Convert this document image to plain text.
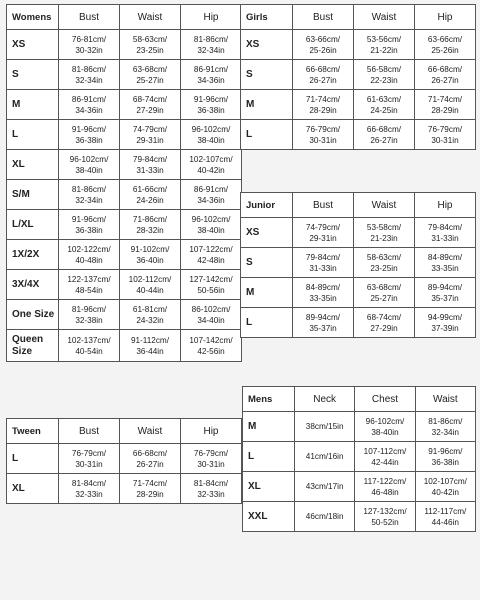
Womens	Bust	Waist	Hip
XS	76-81cm/
30-32in	58-63cm/
23-25in	81-86cm/
32-34in
S	81-86cm/
32-34in	63-68cm/
25-27in	86-91cm/
34-36in
M	86-91cm/
34-36in	68-74cm/
27-29in	91-96cm/
36-38in
L	91-96cm/
36-38in	74-79cm/
29-31in	96-102cm/
38-40in
XL	96-102cm/
38-40in	79-84cm/
31-33in	102-107cm/
40-42in
S/M	81-86cm/
32-34in	61-66cm/
24-26in	86-91cm/
34-36in
L/XL	91-96cm/
36-38in	71-86cm/
28-32in	96-102cm/
38-40in
1X/2X	102-122cm/
40-48in	91-102cm/
36-40in	107-122cm/
42-48in
3X/4X	122-137cm/
48-54in	102-112cm/
40-44in	127-142cm/
50-56in
One Size	81-96cm/
32-38in	61-81cm/
24-32in	86-102cm/
34-40in
Queen Size	102-137cm/
40-54in	91-112cm/
36-44in	107-142cm/
42-56in
Girls	Bust	Waist	Hip
XS	63-66cm/
25-26in	53-56cm/
21-22in	63-66cm/
25-26in
S	66-68cm/
26-27in	56-58cm/
22-23in	66-68cm/
26-27in
M	71-74cm/
28-29in	61-63cm/
24-25in	71-74cm/
28-29in
L	76-79cm/
30-31in	66-68cm/
26-27in	76-79cm/
30-31in
Junior	Bust	Waist	Hip
XS	74-79cm/
29-31in	53-58cm/
21-23in	79-84cm/
31-33in
S	79-84cm/
31-33in	58-63cm/
23-25in	84-89cm/
33-35in
M	84-89cm/
33-35in	63-68cm/
25-27in	89-94cm/
35-37in
L	89-94cm/
35-37in	68-74cm/
27-29in	94-99cm/
37-39in
Tween	Bust	Waist	Hip
L	76-79cm/
30-31in	66-68cm/
26-27in	76-79cm/
30-31in
XL	81-84cm/
32-33in	71-74cm/
28-29in	81-84cm/
32-33in
Mens	Neck	Chest	Waist
M	38cm/15in	96-102cm/
38-40in	81-86cm/
32-34in
L	41cm/16in	107-112cm/
42-44in	91-96cm/
36-38in
XL	43cm/17in	117-122cm/
46-48in	102-107cm/
40-42in
XXL	46cm/18in	127-132cm/
50-52in	112-117cm/
44-46in
